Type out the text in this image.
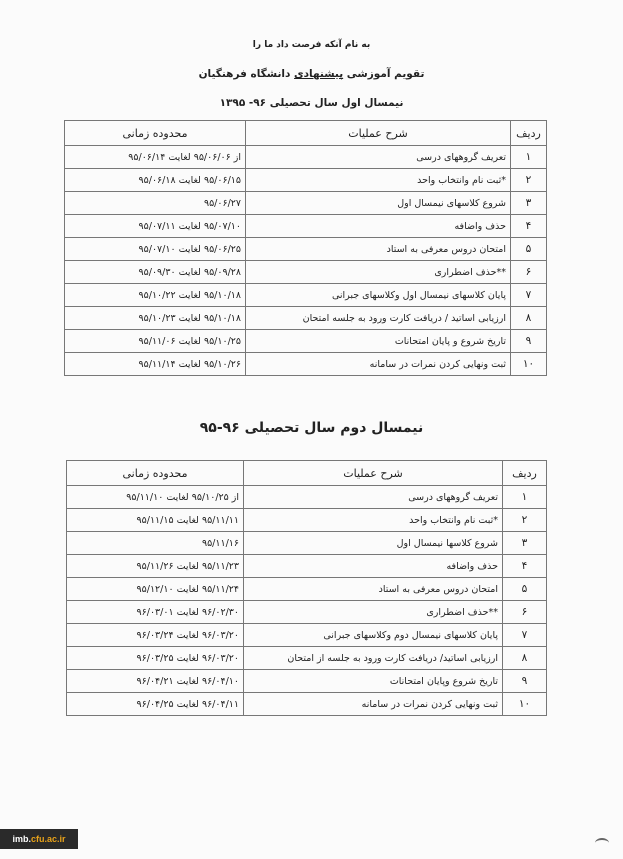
به نام آنکه فرصت داد ما را
تقویم آموزشی پیشنهادی دانشگاه فرهنگیان
نیمسال اول سال تحصیلی ۹۶- ۱۳۹۵
ردیف	شرح عملیات	محدوده زمانی
۱	تعریف گروههای درسی	از ۹۵/۰۶/۰۶ لغایت ۹۵/۰۶/۱۴
۲	*ثبت نام وانتخاب واحد	۹۵/۰۶/۱۵ لغایت ۹۵/۰۶/۱۸
۳	شروع کلاسهای نیمسال اول	۹۵/۰۶/۲۷
۴	حذف واضافه	۹۵/۰۷/۱۰ لغایت ۹۵/۰۷/۱۱
۵	امتحان دروس معرفی به استاد	۹۵/۰۶/۲۵ لغایت ۹۵/۰۷/۱۰
۶	**حذف اضطراری	۹۵/۰۹/۲۸ لغایت ۹۵/۰۹/۳۰
۷	پایان کلاسهای نیمسال اول وکلاسهای جبرانی	۹۵/۱۰/۱۸ لغایت ۹۵/۱۰/۲۲
۸	ارزیابی اساتید / دریافت کارت ورود به جلسه امتحان	۹۵/۱۰/۱۸ لغایت ۹۵/۱۰/۲۳
۹	تاریخ شروع و پایان امتحانات	۹۵/۱۰/۲۵ لغایت ۹۵/۱۱/۰۶
۱۰	ثبت ونهایی کردن نمرات در سامانه	۹۵/۱۰/۲۶ لغایت ۹۵/۱۱/۱۴
نیمسال دوم سال تحصیلی ۹۶-۹۵
ردیف	شرح عملیات	محدوده زمانی
۱	تعریف گروههای درسی	از ۹۵/۱۰/۲۵ لغایت ۹۵/۱۱/۱۰
۲	*ثبت نام وانتخاب واحد	۹۵/۱۱/۱۱ لغایت ۹۵/۱۱/۱۵
۳	شروع کلاسها نیمسال اول	۹۵/۱۱/۱۶
۴	حذف واضافه	۹۵/۱۱/۲۳ لغایت ۹۵/۱۱/۲۶
۵	امتحان دروس معرفی به استاد	۹۵/۱۱/۲۴ لغایت ۹۵/۱۲/۱۰
۶	**حذف اضطراری	۹۶/۰۲/۳۰ لغایت ۹۶/۰۳/۰۱
۷	پایان کلاسهای نیمسال دوم وکلاسهای جبرانی	۹۶/۰۳/۲۰ لغایت ۹۶/۰۳/۲۴
۸	ارزیابی اساتید/ دریافت کارت ورود به جلسه از امتحان	۹۶/۰۳/۲۰ لغایت ۹۶/۰۳/۲۵
۹	تاریخ شروع وپایان امتحانات	۹۶/۰۴/۱۰ لغایت ۹۶/۰۴/۲۱
۱۰	ثبت ونهایی کردن نمرات در سامانه	۹۶/۰۴/۱۱ لغایت ۹۶/۰۴/۲۵
imb.cfu.ac.ir
